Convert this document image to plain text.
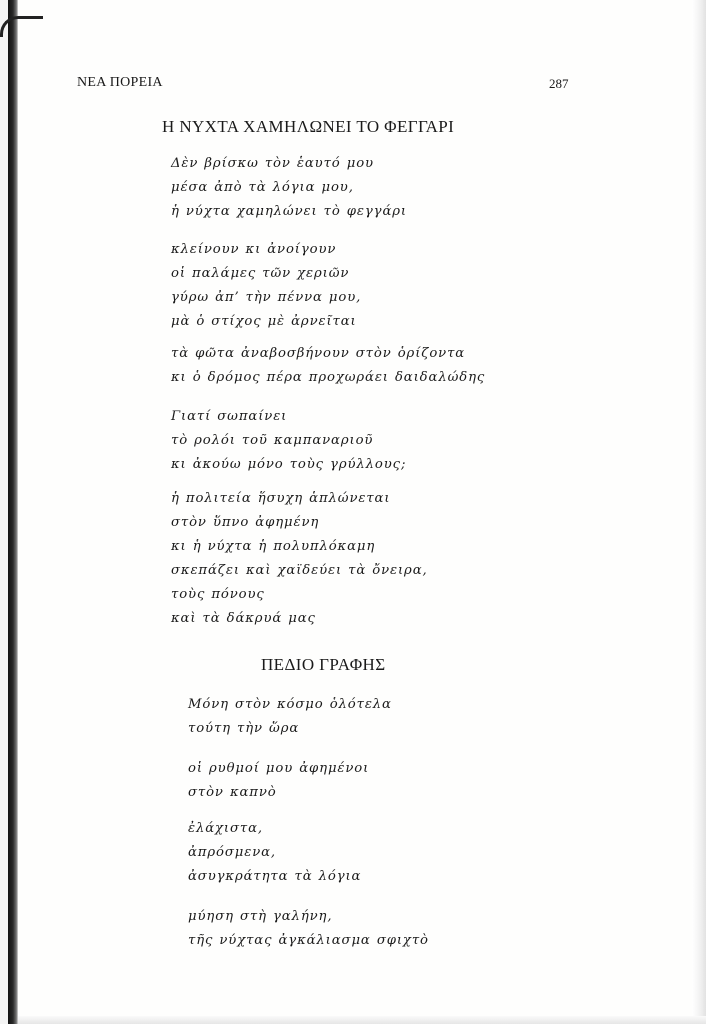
ΝΕΑ ΠΟΡΕΙΑ	287
Η ΝΥΧΤΑ ΧΑΜΗΛΩΝΕΙ ΤΟ ΦΕΓΓΑΡΙ
Δὲν βρίσκω τὸν ἑαυτό μου
μέσα ἀπὸ τὰ λόγια μου,
ἡ νύχτα χαμηλώνει τὸ φεγγάρι
κλείνουν κι ἀνοίγουν
οἱ παλάμες τῶν χεριῶν
γύρω ἀπ’ τὴν πέννα μου,
μὰ ὁ στίχος μὲ ἀρνεῖται
τὰ φῶτα ἀναβοσβήνουν στὸν ὁρίζοντα
κι ὁ δρόμος πέρα προχωράει δαιδαλώδης
Γιατί σωπαίνει
τὸ ρολόι τοῦ καμπαναριοῦ
κι ἀκούω μόνο τοὺς γρύλλους;
ἡ πολιτεία ἥσυχη ἁπλώνεται
στὸν ὕπνο ἀφημένη
κι ἡ νύχτα ἡ πολυπλόκαμη
σκεπάζει καὶ χαϊδεύει τὰ ὄνειρα,
τοὺς πόνους
καὶ τὰ δάκρυά μας
ΠΕΔΙΟ ΓΡΑΦΗΣ
Μόνη στὸν κόσμο ὁλότελα
τούτη τὴν ὥρα
οἱ ρυθμοί μου ἀφημένοι
στὸν καπνὸ
ἐλάχιστα,
ἀπρόσμενα,
ἀσυγκράτητα τὰ λόγια
μύηση στὴ γαλήνη,
τῆς νύχτας ἀγκάλιασμα σφιχτὸ
